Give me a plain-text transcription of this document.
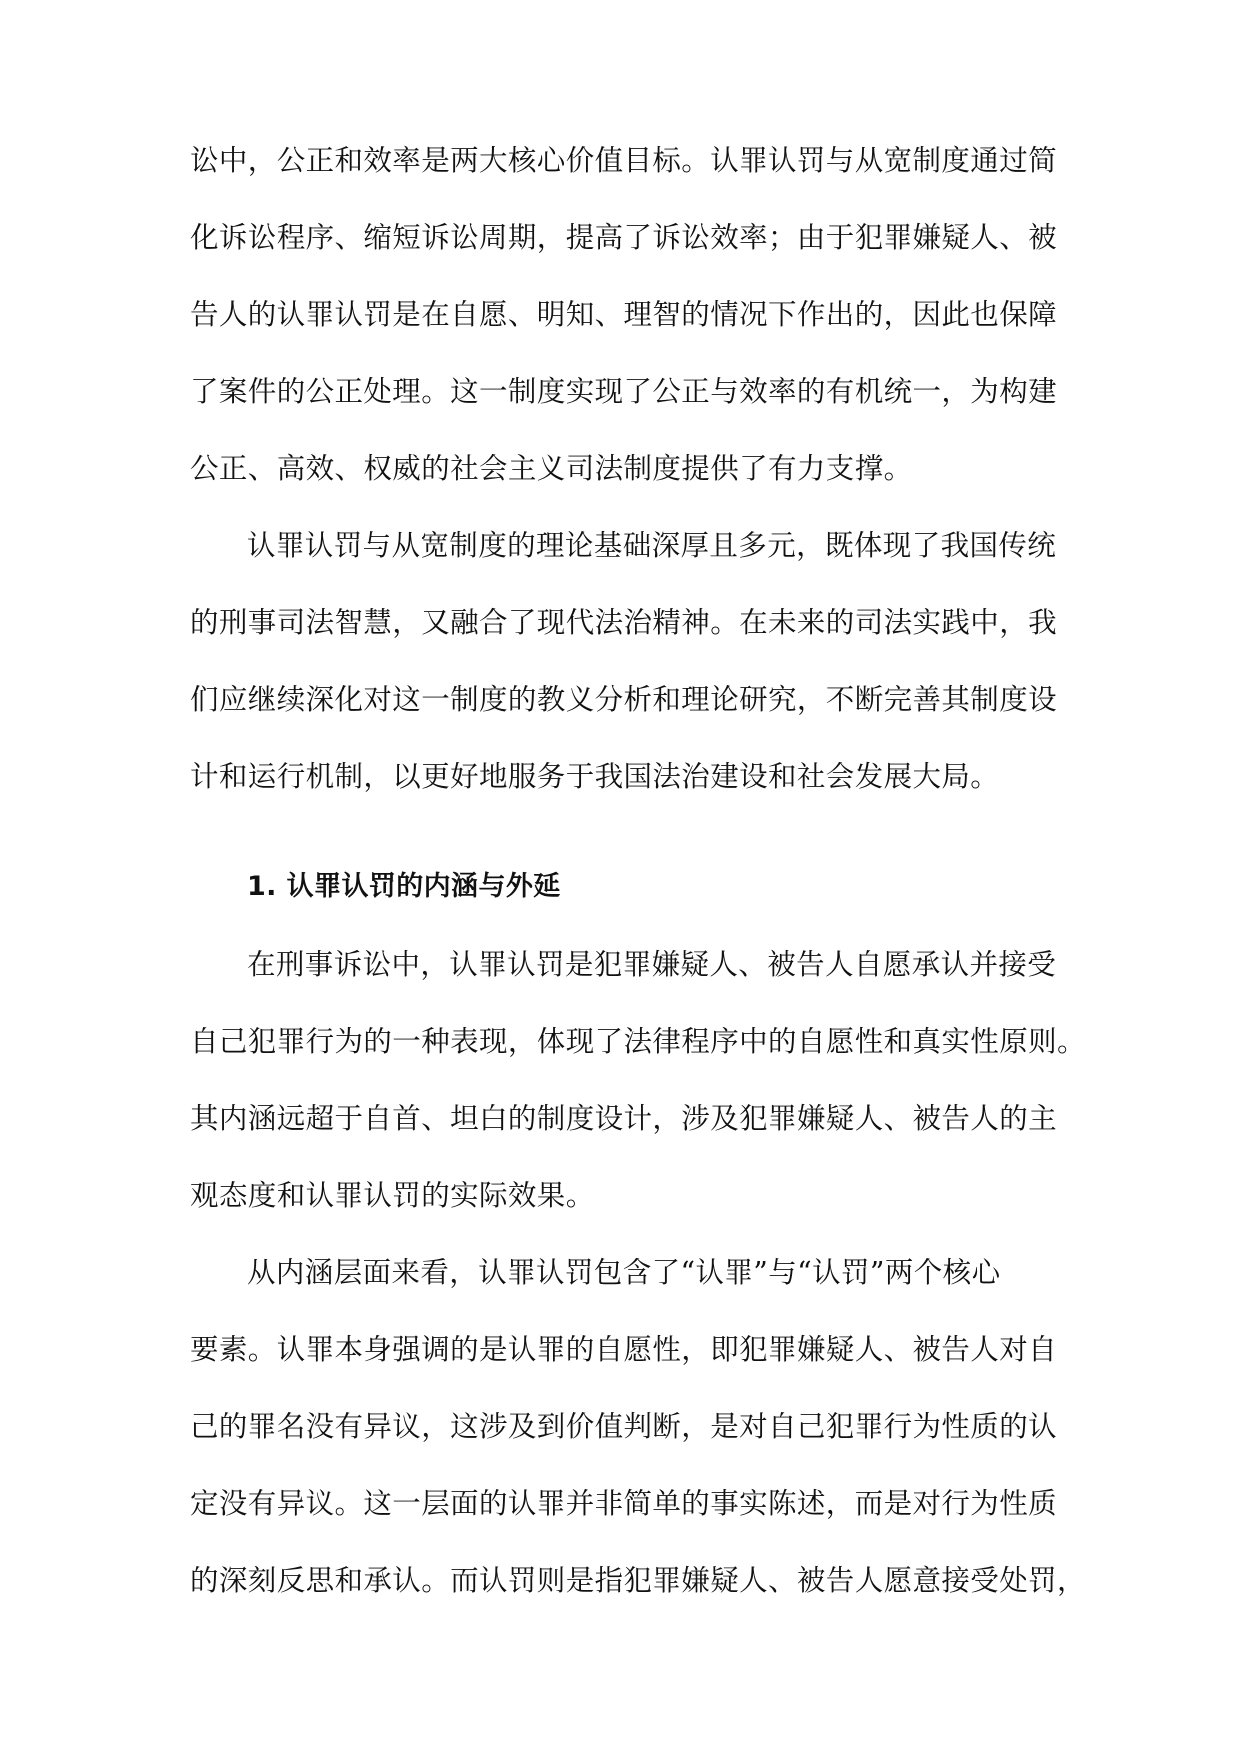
讼中，公正和效率是两大核心价值目标。认罪认罚与从宽制度通过简
化诉讼程序、缩短诉讼周期，提高了诉讼效率；由于犯罪嫌疑人、被
告人的认罪认罚是在自愿、明知、理智的情况下作出的，因此也保障
了案件的公正处理。这一制度实现了公正与效率的有机统一，为构建
公正、高效、权威的社会主义司法制度提供了有力支撑。
认罪认罚与从宽制度的理论基础深厚且多元，既体现了我国传统
的刑事司法智慧，又融合了现代法治精神。在未来的司法实践中，我
们应继续深化对这一制度的教义分析和理论研究，不断完善其制度设
计和运行机制，以更好地服务于我国法治建设和社会发展大局。
1. 认罪认罚的内涵与外延
在刑事诉讼中，认罪认罚是犯罪嫌疑人、被告人自愿承认并接受
自己犯罪行为的一种表现，体现了法律程序中的自愿性和真实性原则。
其内涵远超于自首、坦白的制度设计，涉及犯罪嫌疑人、被告人的主
观态度和认罪认罚的实际效果。
从内涵层面来看，认罪认罚包含了“认罪”与“认罚”两个核心
要素。认罪本身强调的是认罪的自愿性，即犯罪嫌疑人、被告人对自
己的罪名没有异议，这涉及到价值判断，是对自己犯罪行为性质的认
定没有异议。这一层面的认罪并非简单的事实陈述，而是对行为性质
的深刻反思和承认。而认罚则是指犯罪嫌疑人、被告人愿意接受处罚，
